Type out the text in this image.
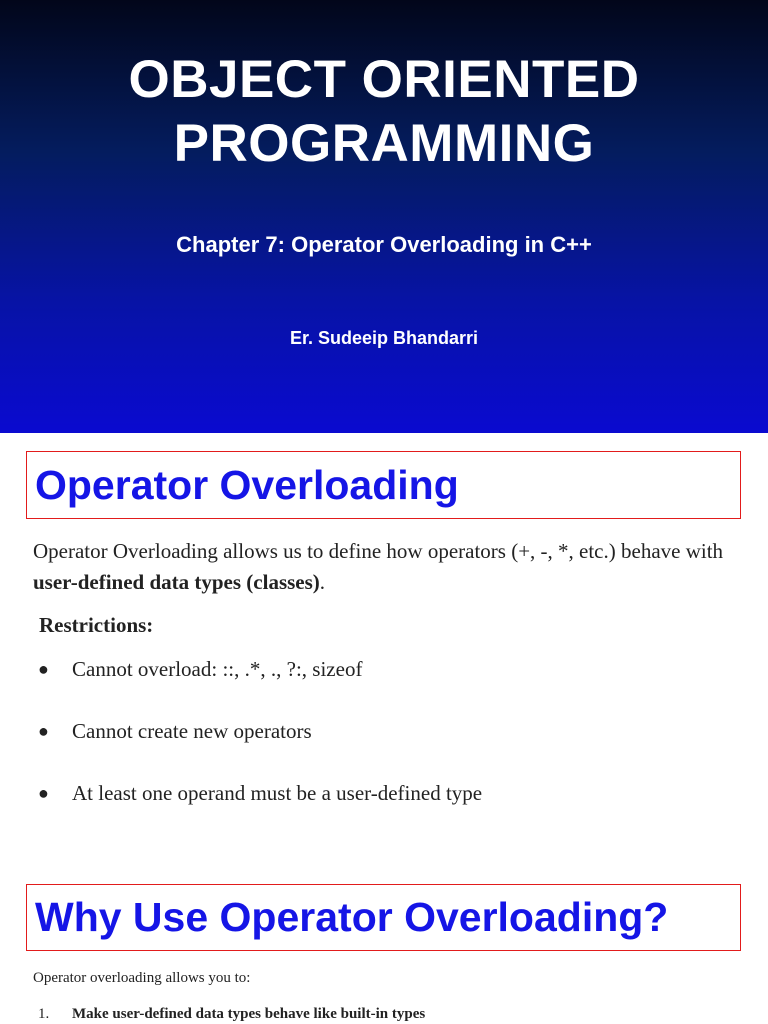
OBJECT ORIENTED
PROGRAMMING
Chapter 7: Operator Overloading in C++
Er. Sudeeip Bhandarri
Operator Overloading
Operator Overloading allows us to define how operators (+, -, *, etc.) behave with user-defined data types (classes).
Restrictions:
●	Cannot overload: ::, .*, ., ?:, sizeof
●	Cannot create new operators
●	At least one operand must be a user-defined type
Why Use Operator Overloading?
Operator overloading allows you to:
1. Make user-defined data types behave like built-in types
